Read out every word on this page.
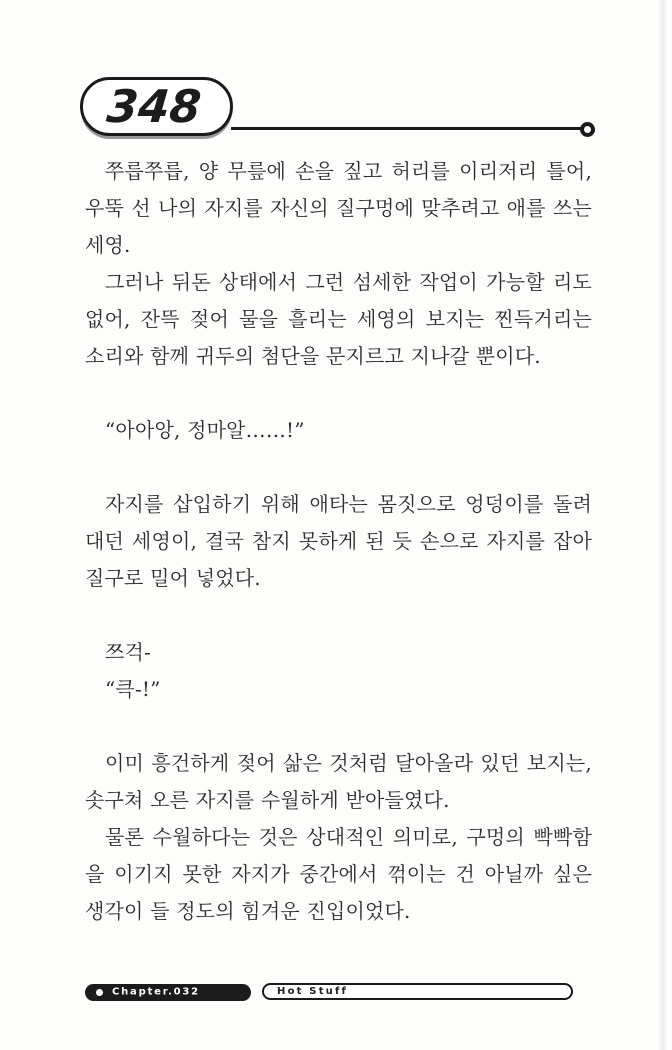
348

쭈릅쭈릅, 양 무릎에 손을 짚고 허리를 이리저리 틀어, 우뚝 선 나의 자지를 자신의 질구멍에 맞추려고 애를 쓰는 세영.

그러나 뒤돈 상태에서 그런 섬세한 작업이 가능할 리도 없어, 잔뜩 젖어 물을 흘리는 세영의 보지는 찐득거리는 소리와 함께 귀두의 첨단을 문지르고 지나갈 뿐이다.

“아아앙, 정마알……!”

자지를 삽입하기 위해 애타는 몸짓으로 엉덩이를 돌려대던 세영이, 결국 참지 못하게 된 듯 손으로 자지를 잡아 질구로 밀어 넣었다.

쯔걱-

“큭-!”

이미 흥건하게 젖어 삶은 것처럼 달아올라 있던 보지는, 솟구쳐 오른 자지를 수월하게 받아들였다.

물론 수월하다는 것은 상대적인 의미로, 구멍의 빡빡함을 이기지 못한 자지가 중간에서 꺾이는 건 아닐까 싶은 생각이 들 정도의 힘겨운 진입이었다.

Chapter.032	Hot Stuff
